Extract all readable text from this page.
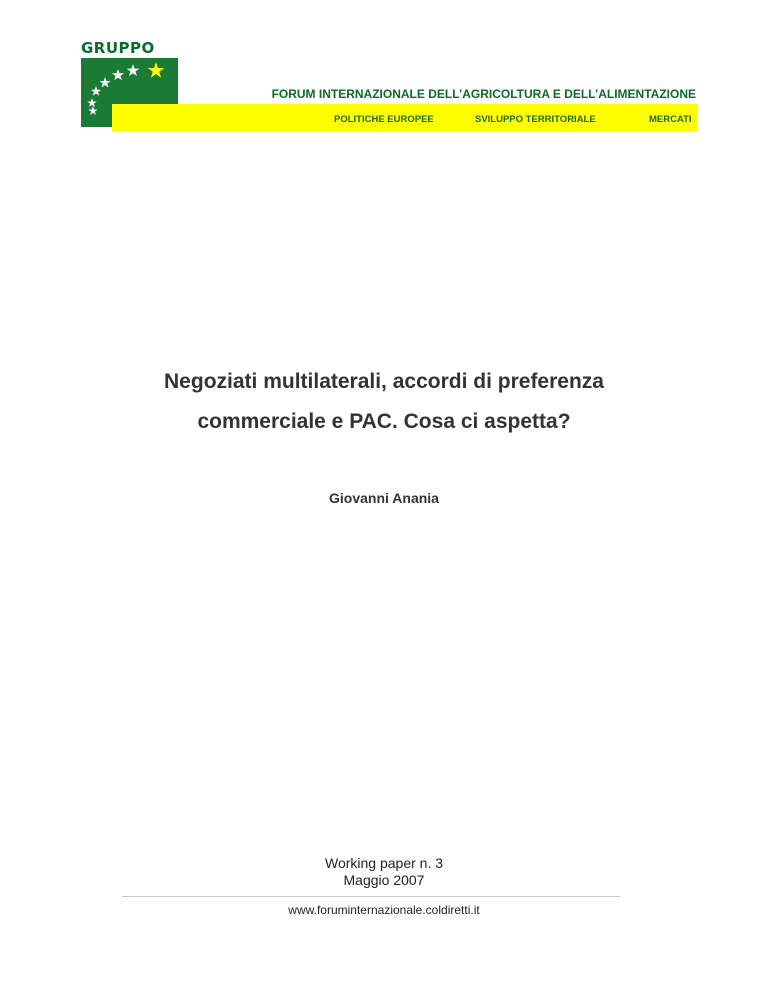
GRUPPO
FORUM INTERNAZIONALE DELL’AGRICOLTURA E DELL’ALIMENTAZIONE
POLITICHE EUROPEE	SVILUPPO TERRITORIALE	MERCATI
Negoziati multilaterali, accordi di preferenza
commerciale e PAC. Cosa ci aspetta?
Giovanni Anania
Working paper n. 3
Maggio 2007
www.foruminternazionale.coldiretti.it
